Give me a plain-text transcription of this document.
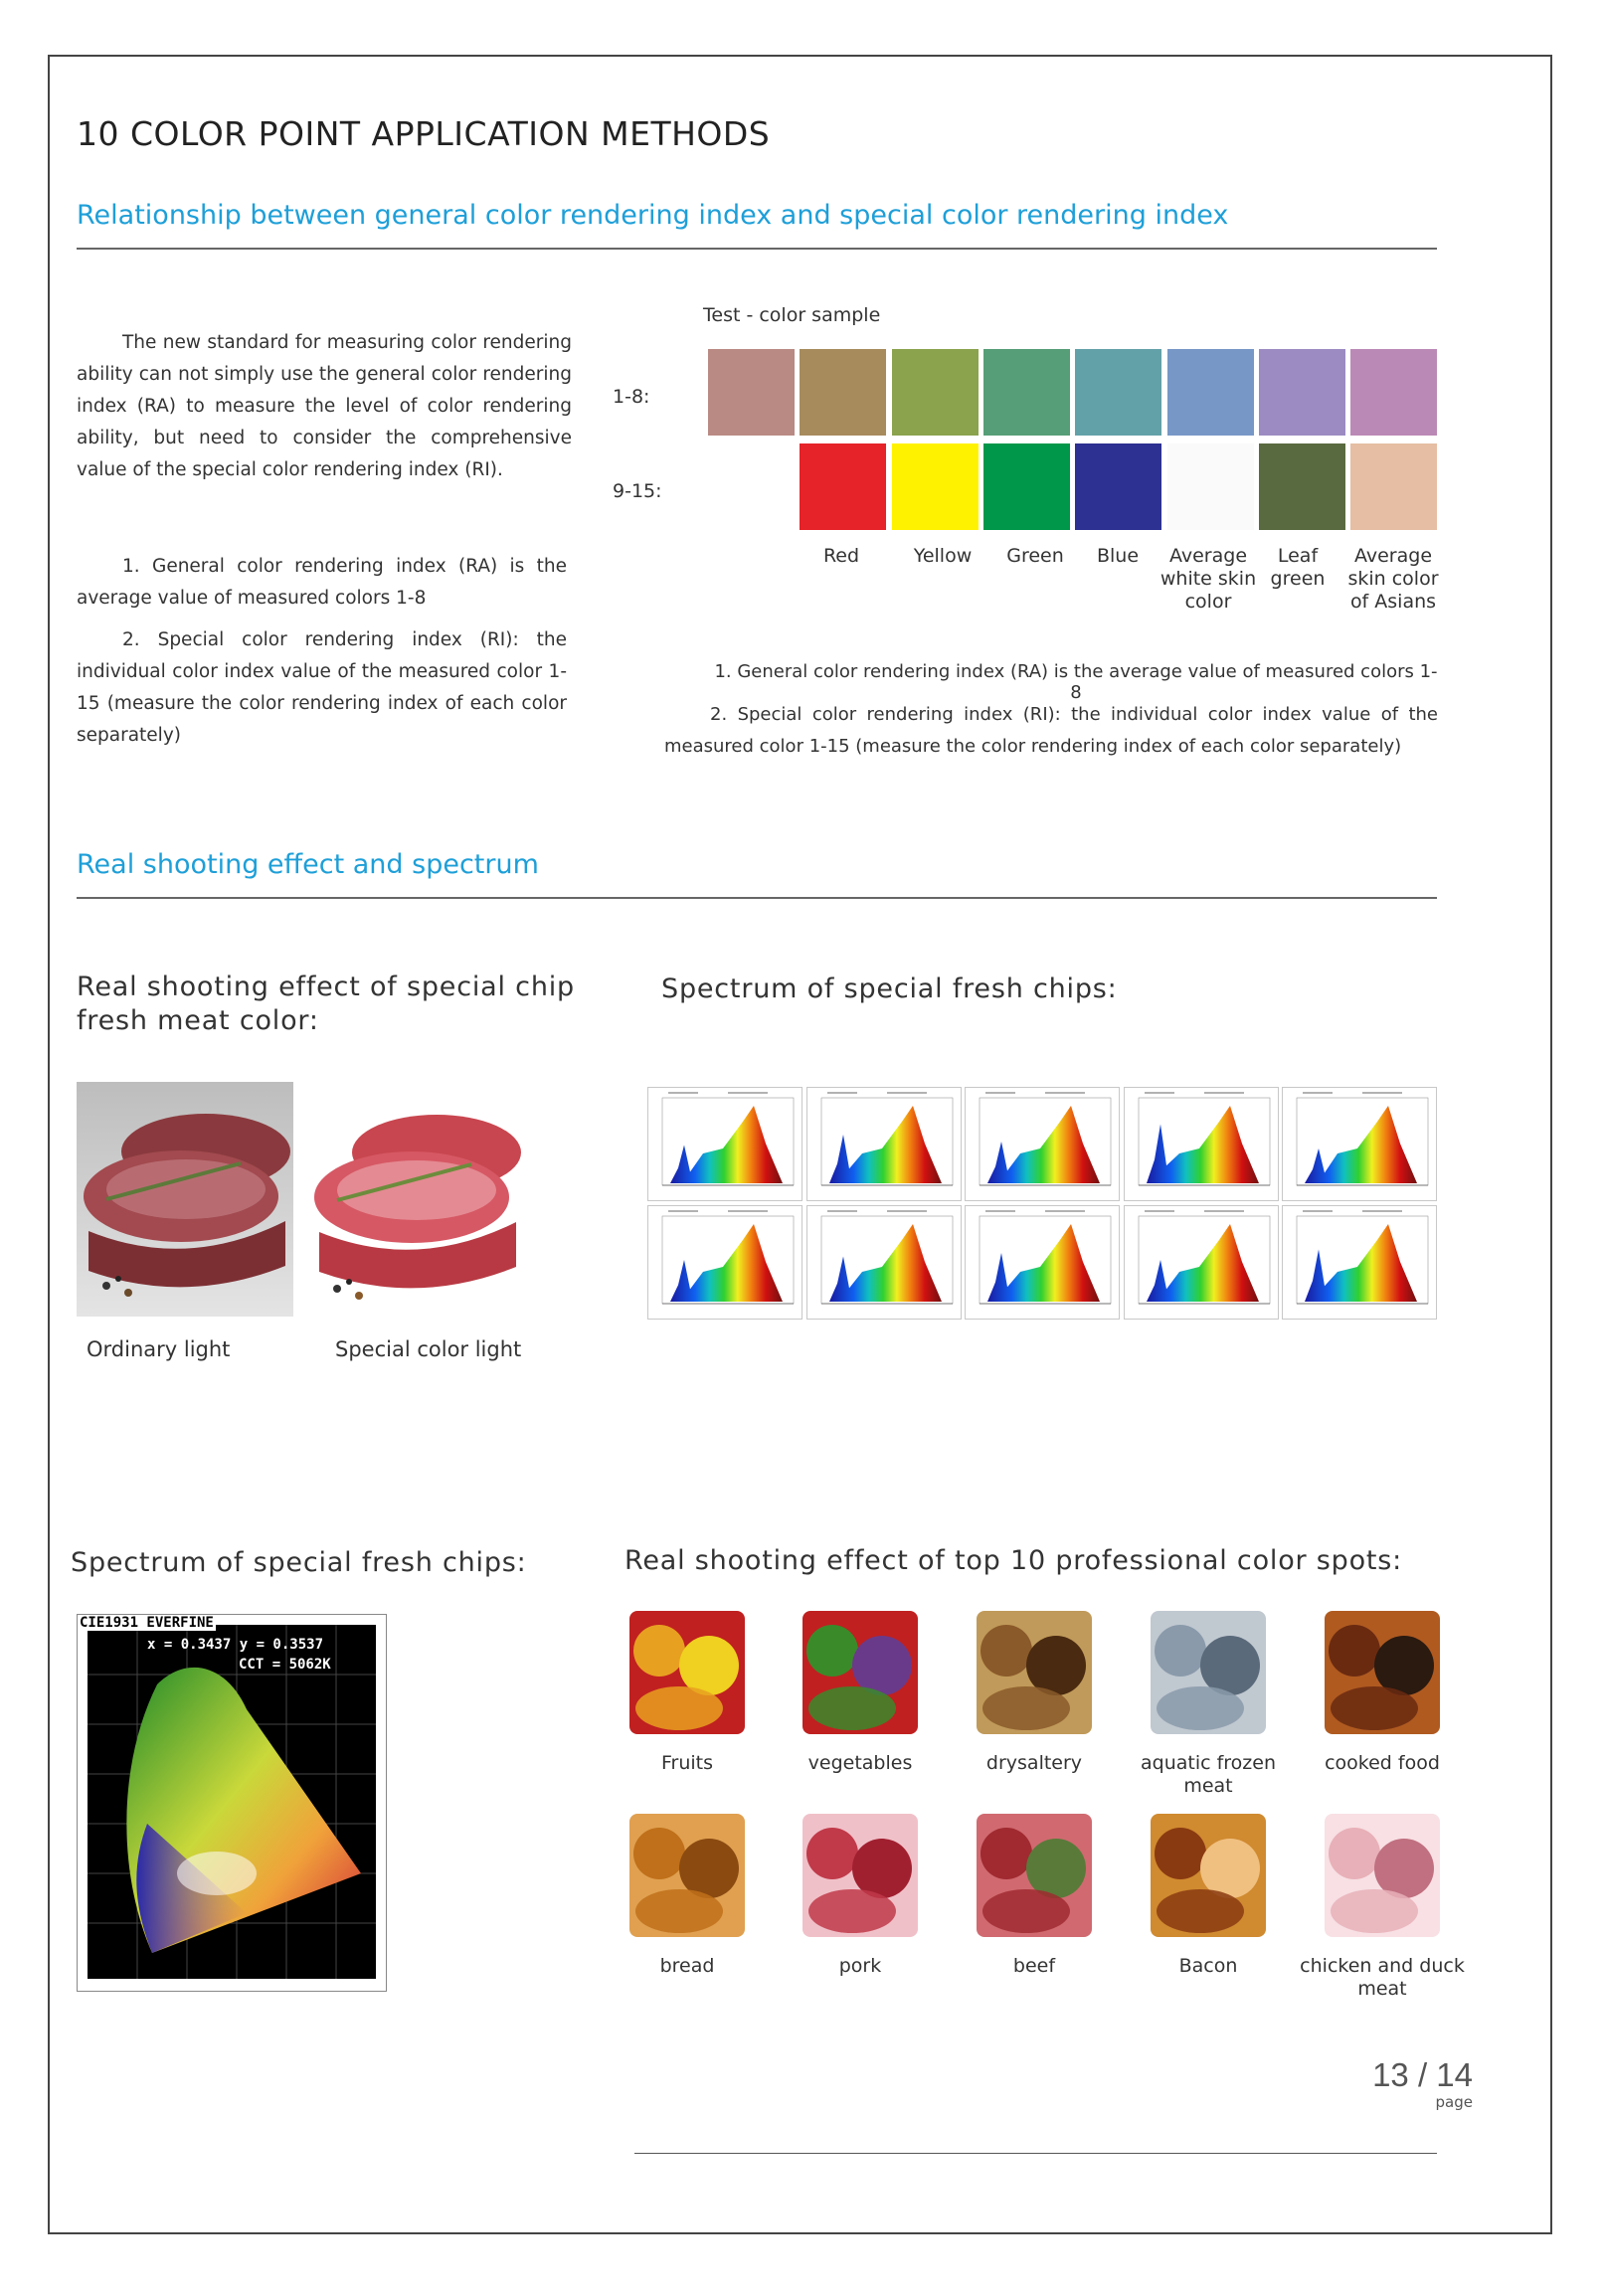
10 COLOR POINT APPLICATION METHODS
Relationship between general color rendering index and special color rendering index
The new standard for measuring color rendering ability can not simply use the general color rendering index (RA) to measure the level of color rendering ability, but need to consider the comprehensive value of the special color rendering index (RI).
1. General color rendering index (RA) is the average value of measured colors 1-8
2. Special color rendering index (RI): the individual color index value of the measured color 1-15 (measure the color rendering index of each color separately)
Test - color sample
1-8:
9-15:
Red	Yellow	Green	Blue	Average white skin color
Leaf green
Average skin color of Asians
1. General color rendering index (RA) is the average value of measured colors 1-8
2. Special color rendering index (RI): the individual color index value of the measured color 1-15 (measure the color rendering index of each color separately)
Real shooting effect and spectrum
Real shooting effect of special chip fresh meat color:
Spectrum of special fresh chips:
Ordinary light	Special color light
Spectrum of special fresh chips:	Real shooting effect of top 10 professional color spots:
CIE1931 EVERFINE
x = 0.3437 y = 0.3537
CCT = 5062K
Fruits	vegetables	drysaltery	aquatic frozen meat
cooked food
bread	pork	beef	Bacon	chicken and duck meat
13 / 14
page
